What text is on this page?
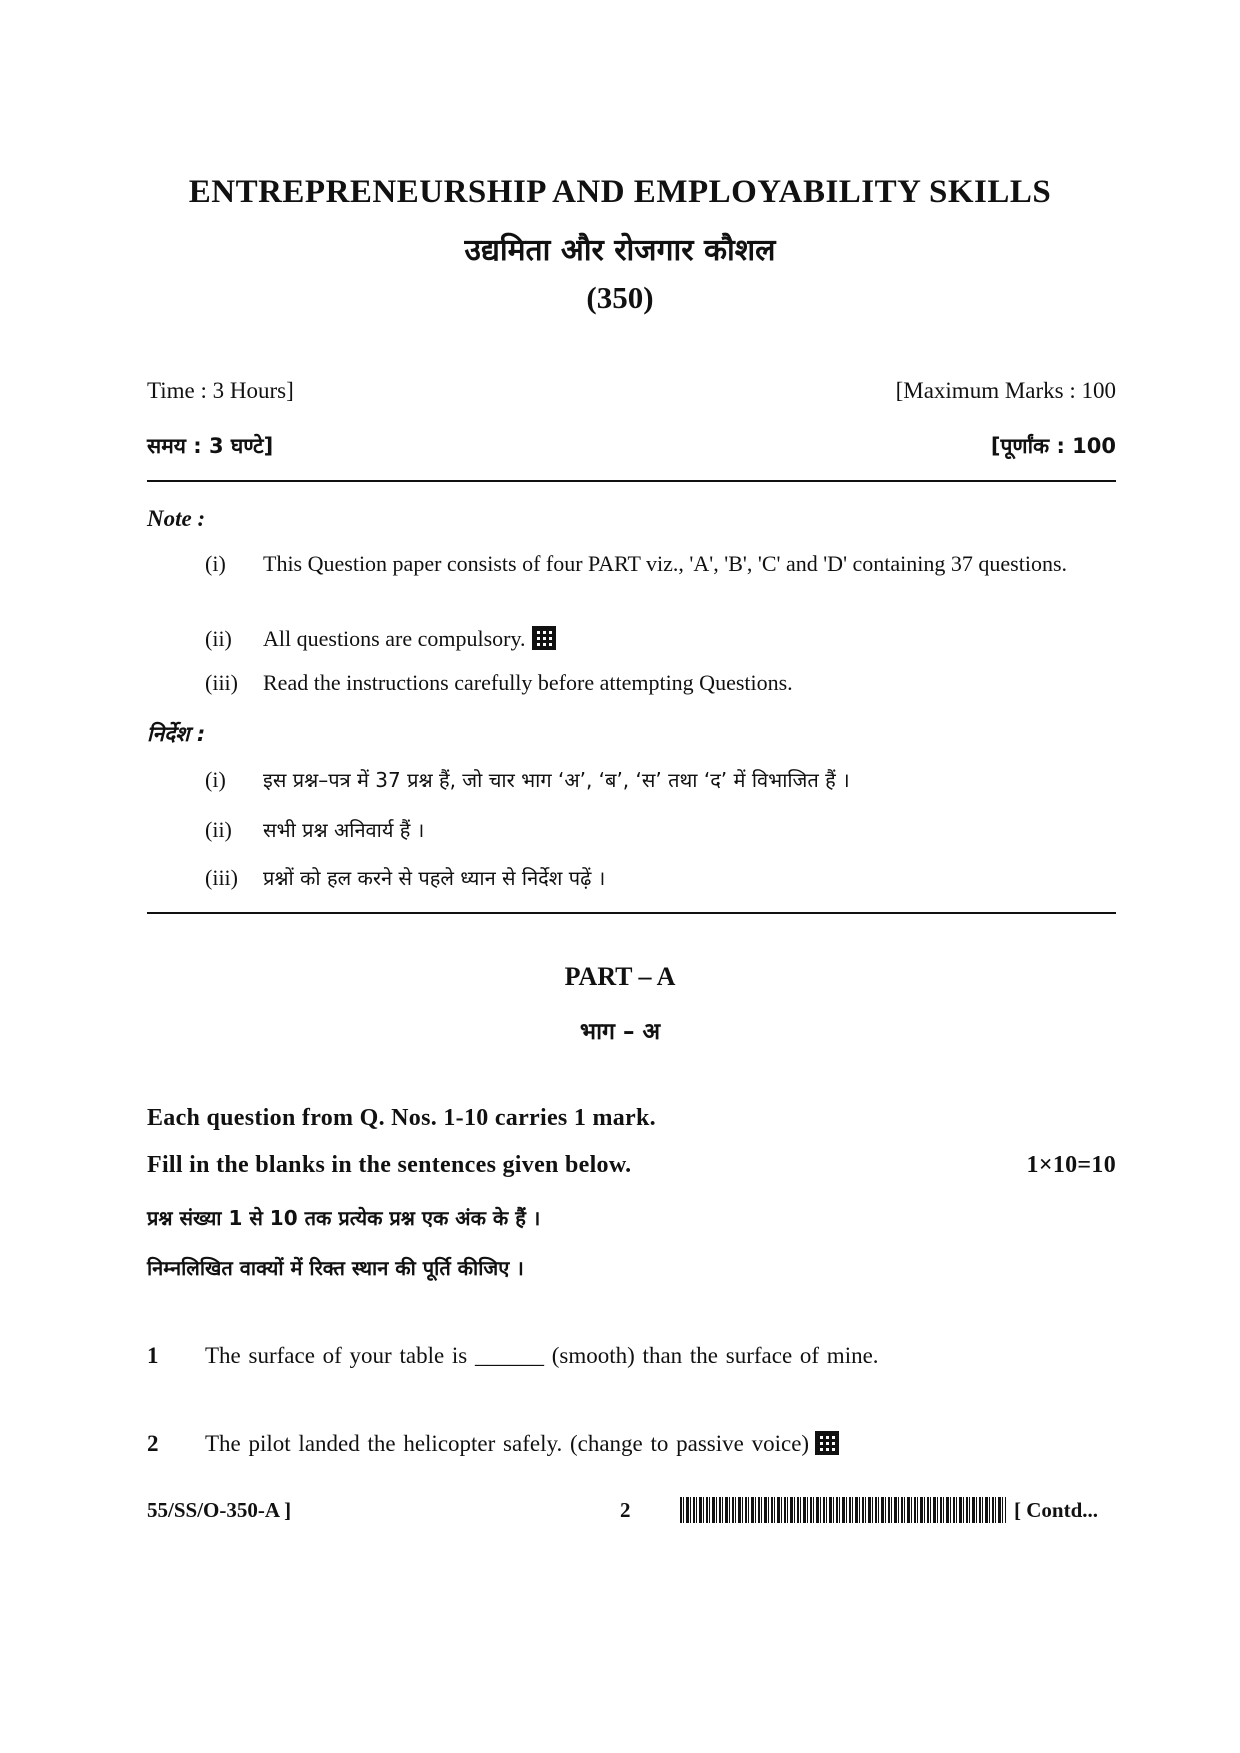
ENTREPRENEURSHIP AND EMPLOYABILITY SKILLS
उद्यमिता और रोजगार कौशल
(350)
Time : 3 Hours]	[Maximum Marks : 100
समय : 3 घण्टे]	[पूर्णांक : 100
Note :
(i)	This Question paper consists of four PART viz., 'A', 'B', 'C' and 'D' containing 37 questions.
(ii)	All questions are compulsory.
(iii)	Read the instructions carefully before attempting Questions.
निर्देश :
(i)	इस प्रश्न–पत्र में 37 प्रश्न हैं, जो चार भाग ‘अ’, ‘ब’, ‘स’ तथा ‘द’ में विभाजित हैं ।
(ii)	सभी प्रश्न अनिवार्य हैं ।
(iii)	प्रश्नों को हल करने से पहले ध्यान से निर्देश पढ़ें ।
PART – A
भाग – अ
Each question from Q. Nos. 1-10 carries 1 mark.
Fill in the blanks in the sentences given below.	1×10=10
प्रश्न संख्या 1 से 10 तक प्रत्येक प्रश्न एक अंक के हैं ।
निम्नलिखित वाक्यों में रिक्त स्थान की पूर्ति कीजिए ।
1 The surface of your table is ______ (smooth) than the surface of mine.
2 The pilot landed the helicopter safely. (change to passive voice)
55/SS/O-350-A ]	2	[ Contd...
